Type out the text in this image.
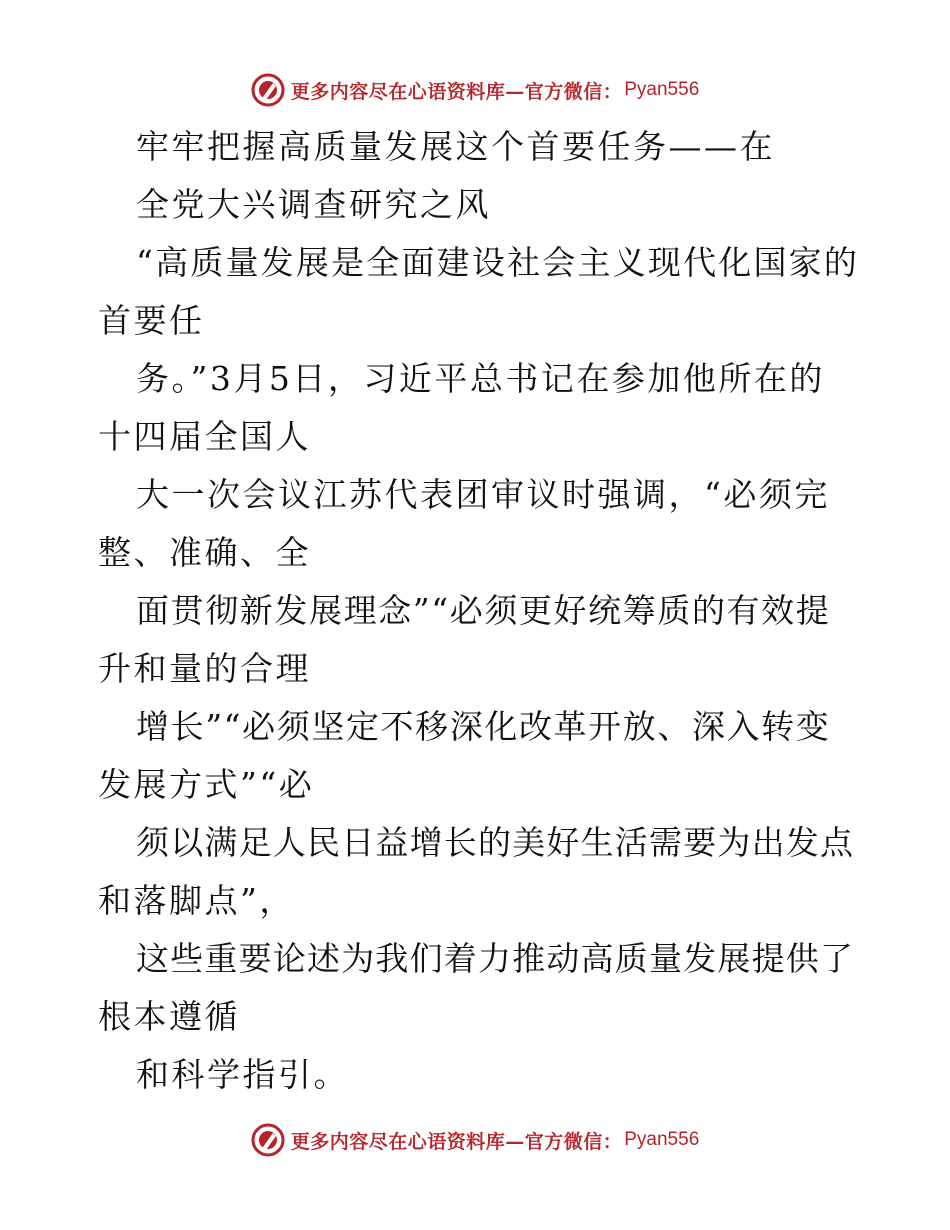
更多内容尽在心语资料库—官方微信： Pyan556
牢牢把握高质量发展这个首要任务——在
全党大兴调查研究之风
“高质量发展是全面建设社会主义现代化国家的
首要任
务。”3月5日，习近平总书记在参加他所在的
十四届全国人
大一次会议江苏代表团审议时强调，“必须完
整、准确、全
面贯彻新发展理念”“必须更好统筹质的有效提
升和量的合理
增长”“必须坚定不移深化改革开放、深入转变
发展方式”“必
须以满足人民日益增长的美好生活需要为出发点
和落脚点”，
这些重要论述为我们着力推动高质量发展提供了
根本遵循
和科学指引。
更多内容尽在心语资料库—官方微信： Pyan556
